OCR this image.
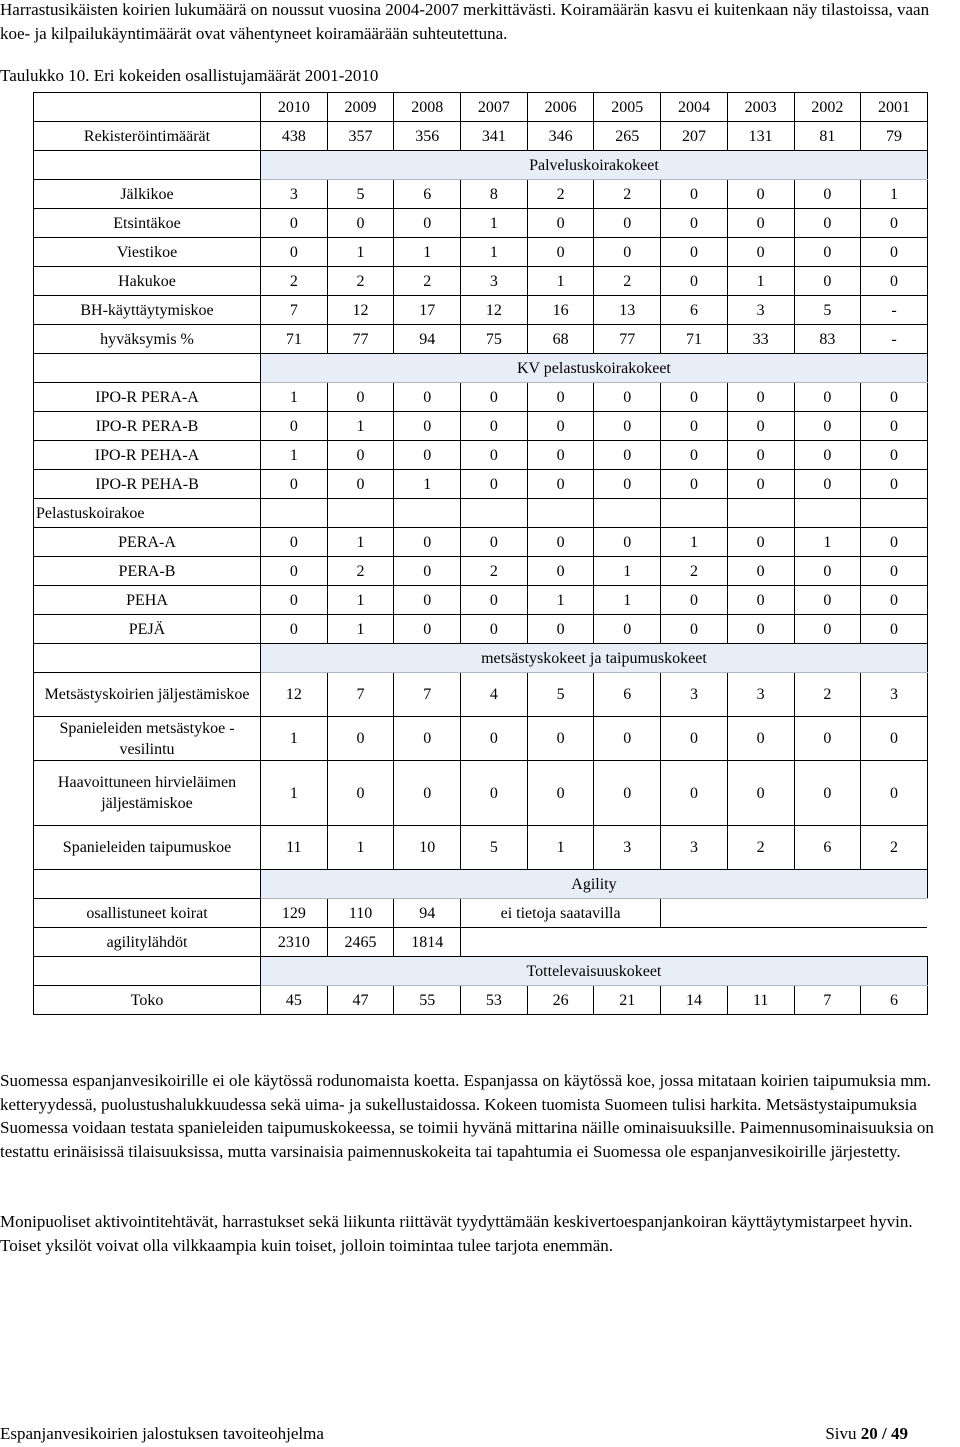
Harrastusikäisten koirien lukumäärä on noussut vuosina 2004-2007 merkittävästi. Koiramäärän kasvu ei kuitenkaan näy tilastoissa, vaan koe- ja kilpailukäyntimäärät ovat vähentyneet koiramäärään suhteutettuna.
Taulukko 10. Eri kokeiden osallistujamäärät 2001-2010
	2010	2009	2008	2007	2006	2005	2004	2003	2002	2001
Rekisteröintimäärät	438	357	356	341	346	265	207	131	81	79
	Palveluskoirakokeet									
Jälkikoe	3	5	6	8	2	2	0	0	0	1
Etsintäkoe	0	0	0	1	0	0	0	0	0	0
Viestikoe	0	1	1	1	0	0	0	0	0	0
Hakukoe	2	2	2	3	1	2	0	1	0	0
BH-käyttäytymiskoe	7	12	17	12	16	13	6	3	5	-
hyväksymis %	71	77	94	75	68	77	71	33	83	-
	KV pelastuskoirakokeet									
IPO-R PERA-A	1	0	0	0	0	0	0	0	0	0
IPO-R PERA-B	0	1	0	0	0	0	0	0	0	0
IPO-R PEHA-A	1	0	0	0	0	0	0	0	0	0
IPO-R PEHA-B	0	0	1	0	0	0	0	0	0	0
Pelastuskoirakoe										
PERA-A	0	1	0	0	0	0	1	0	1	0
PERA-B	0	2	0	2	0	1	2	0	0	0
PEHA	0	1	0	0	1	1	0	0	0	0
PEJÄ	0	1	0	0	0	0	0	0	0	0
	metsästyskokeet ja taipumuskokeet									
Metsästyskoirien jäljestämiskoe	12	7	7	4	5	6	3	3	2	3
Spanieleiden metsästykoe -vesilintu	1	0	0	0	0	0	0	0	0	0
Haavoittuneen hirvieläimen jäljestämiskoe	1	0	0	0	0	0	0	0	0	0
Spanieleiden taipumuskoe	11	1	10	5	1	3	3	2	6	2
	Agility									
osallistuneet koirat	129	110	94	ei tietoja saatavilla						
agilitylähdöt	2310	2465	1814							
	Tottelevaisuuskokeet									
Toko	45	47	55	53	26	21	14	11	7	6
Suomessa espanjanvesikoirille ei ole käytössä rodunomaista koetta. Espanjassa on käytössä koe, jossa mitataan koirien taipumuksia mm. ketteryydessä, puolustushalukkuudessa sekä uima- ja sukellustaidossa. Kokeen tuomista Suomeen tulisi harkita. Metsästystaipumuksia Suomessa voidaan testata spanieleiden taipumuskokeessa, se toimii hyvänä mittarina näille ominaisuuksille. Paimennusominaisuuksia on testattu erinäisissä tilaisuuksissa, mutta varsinaisia paimennuskokeita tai tapahtumia ei Suomessa ole espanjanvesikoirille järjestetty.
Monipuoliset aktivointitehtävät, harrastukset sekä liikunta riittävät tyydyttämään keskivertoespanjankoiran käyttäytymistarpeet hyvin. Toiset yksilöt voivat olla vilkkaampia kuin toiset, jolloin toimintaa tulee tarjota enemmän.
Espanjanvesikoirien jalostuksen tavoiteohjelma	Sivu 20 / 49
